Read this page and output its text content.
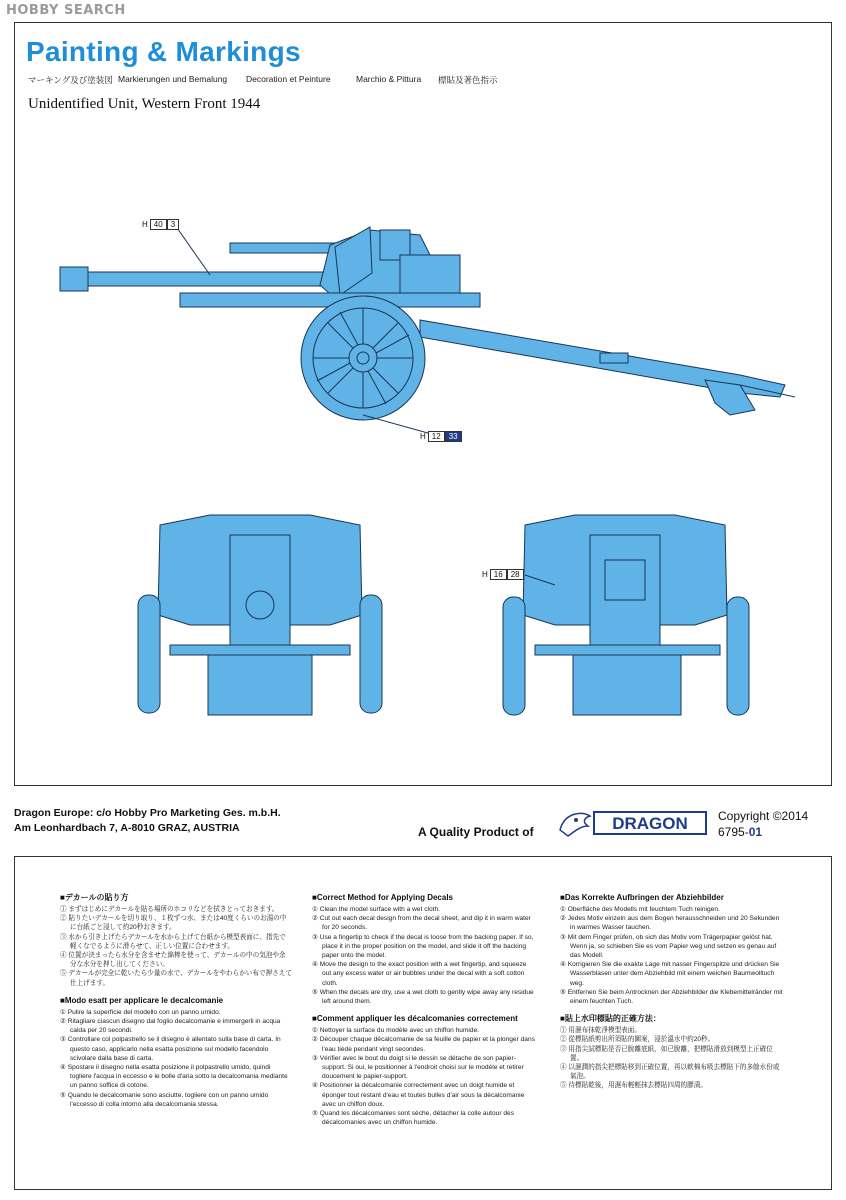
HOBBY SEARCH
Painting & Markings
マーキング及び塗装図 Markierungen und Bemalung	Decoration et Peinture	Marchio & Pittura	標貼及著色指示
Unidentified Unit, Western Front 1944
H 40	3
H 12	33
H 16	28
Dragon Europe: c/o Hobby Pro Marketing Ges. m.b.H.
Am Leonhardbach 7, A-8010 GRAZ, AUSTRIA	A Quality Product of	DRAGON	Copyright ©2014
6795-01
■デカールの貼り方
① まずはじめにデカールを貼る場所のホコリなどを拭きとっておきます。
② 貼りたいデカールを切り取り、１枚ずつ水、または40度くらいのお湯の中に台紙ごと浸して約20秒おきます。
③ 水から引き上げたらデカールを水から上げて台紙から模型表面に、指先で軽くなでるように滑らせて、正しい位置に合わせます。
④ 位置が決まったら水分を含ませた綿棒を使って、デカールの中の気泡や余分な水分を押し出してください。
⑤ デカールが完全に乾いたら少量の水で、デカールをやわらかい布で押さえて仕上げます。
■Modo esatt per applicare le decalcomanie
① Pulire la superficie del modello con un panno umido.
② Ritagliare ciascun disegno dal foglio decalcomanie e immergerli in acqua calda per 20 secondi.
③ Controllare col polpastrello se il disegno è allentato sulla base di carta. In questo caso, applicarlo nella esatta posizione sul modello facendolo scivolare dalla base di carta.
④ Spostare il disegno nella esatta posizione il polpastrello umido, quindi togliere l'acqua in eccesso e le bolle d'aria sotto la decalcomania mediante un panno soffice di cotone.
⑤ Quando le decalcomanie sono asciutte, togliere con un panno umido l'eccesso di colla intorno alla decalcomania stessa.
■Correct Method for Applying Decals
① Clean the model surface with a wet cloth.
② Cut out each decal design from the decal sheet, and dip it in warm water for 20 seconds.
③ Use a fingertip to check if the decal is loose from the backing paper. If so, place it in the proper position on the model, and slide it off the backing paper onto the model.
④ Move the design to the exact position with a wet fingertip, and squeeze out any excess water or air bubbles under the decal with a soft cotton cloth.
⑤ When the decals are dry, use a wet cloth to gently wipe away any residue left around them.
■Comment appliquer les décalcomanies correctement
① Nettoyer la surface du modèle avec un chiffon humide.
② Découper chaque décalcomanie de sa feuille de papier et la plonger dans l'eau tiède pendant vingt secondes.
③ Vérifier avec le bout du doigt si le dessin se détache de son papier-support. Si oui, le positionner à l'endroit choisi sur le modèle et retirer doucement le papier-support.
④ Positionner la décalcomanie correctement avec un doigt humide et éponger tout restant d'eau et toutes bulles d'air sous la décalcomanie avec un chiffon doux.
⑤ Quand les décalcomanies sont sèche, détacher la colle autour des décalcomanies avec un chiffon humide.
■Das Korrekte Aufbringen der Abziehbilder
① Oberfläche des Modells mit feuchtem Tuch reinigen.
② Jedes Motiv einzeln aus dem Bogen herausschneiden und 20 Sekunden in warmes Wasser tauchen.
③ Mit dem Finger prüfen, ob sich das Motiv vom Trägerpapier gelöst hat. Wenn ja, so schieben Sie es vom Papier weg und setzen es genau auf das Modell.
④ Korrigieren Sie die exakte Lage mit nasser Fingerspitze und drücken Sie Wasserblasen unter dem Abziehbild mit einem weichen Baumwolltuch weg.
⑤ Entfernen Sie beim Antrocknen der Abziehbilder die Klebemittelränder mit einem feuchten Tuch.
■貼上水印標貼的正確方法：
① 用濕布抹乾淨模型表面。
② 從標貼紙剪出所須貼的圖案，浸於溫水中約20秒。
③ 用指尖試標貼是否已脫離底紙，如已脫離，把標貼滑放到模型上正確位置。
④ 以濕潤的指尖把標貼移到正確位置，再以軟棉布吸去標貼下的多餘水份或氣泡。
⑤ 待標貼乾後，用濕布輕輕抹去標貼四周的膠漬。
